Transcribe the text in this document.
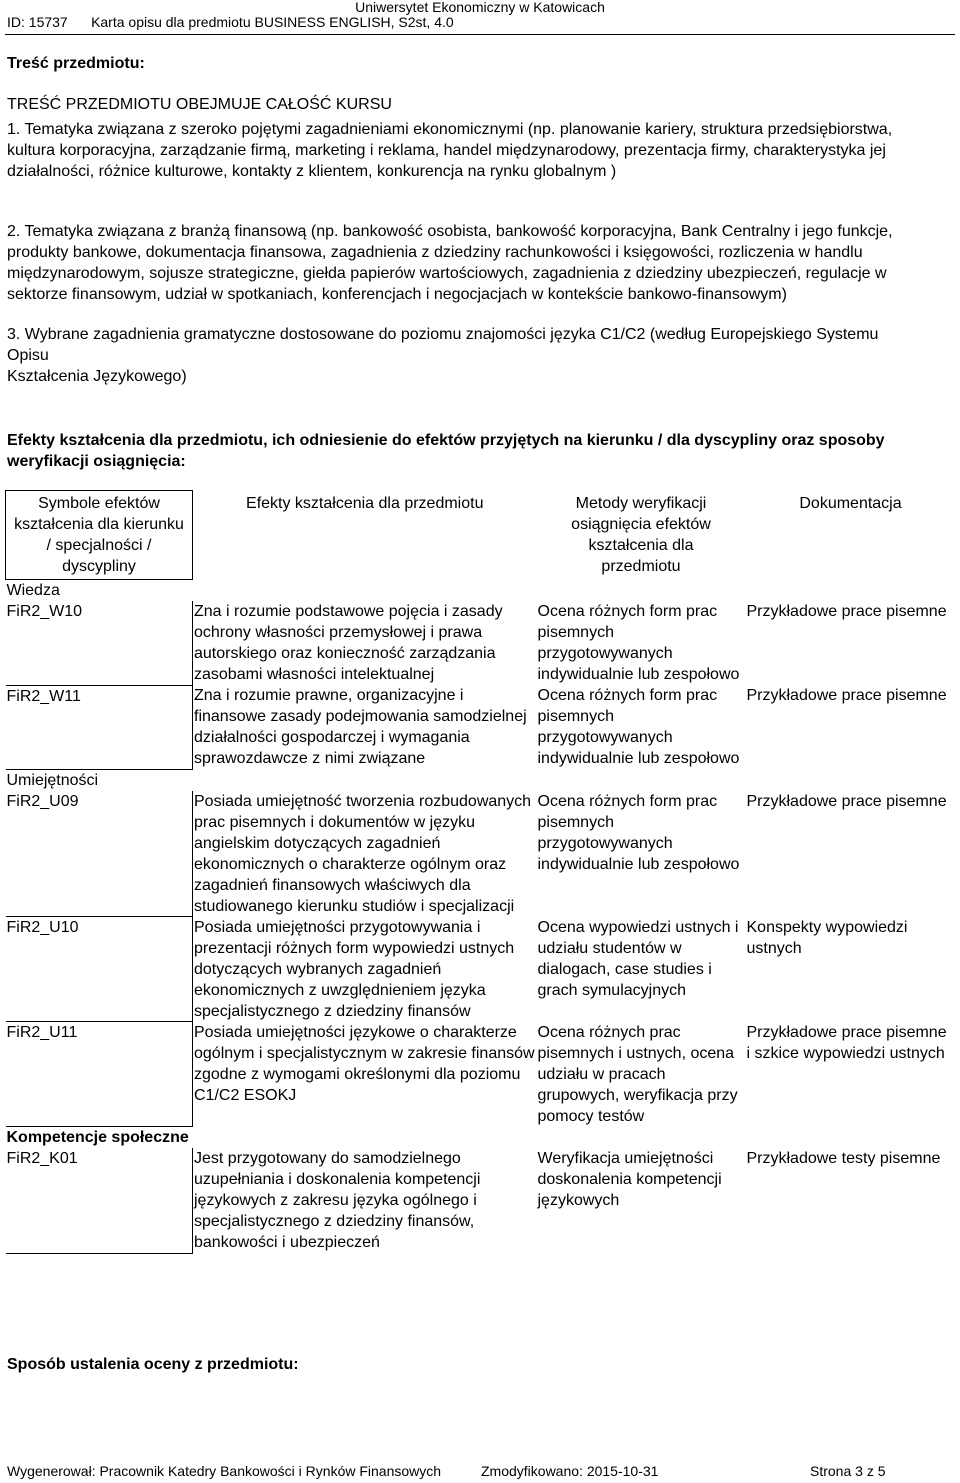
Uniwersytet Ekonomiczny w Katowicach
ID: 15737 Karta opisu dla predmiotu BUSINESS ENGLISH, S2st, 4.0
Treść przedmiotu:
TREŚĆ PRZEDMIOTU OBEJMUJE CAŁOŚĆ KURSU
1. Tematyka związana z szeroko pojętymi zagadnieniami ekonomicznymi (np. planowanie kariery, struktura przedsiębiorstwa,
kultura korporacyjna, zarządzanie firmą, marketing i reklama, handel międzynarodowy, prezentacja firmy, charakterystyka jej
działalności, różnice kulturowe, kontakty z klientem, konkurencja na rynku globalnym )
2. Tematyka związana z branżą finansową (np. bankowość osobista, bankowość korporacyjna, Bank Centralny i jego funkcje,
produkty bankowe, dokumentacja finansowa, zagadnienia z dziedziny rachunkowości i księgowości, rozliczenia w handlu
międzynarodowym, sojusze strategiczne, giełda papierów wartościowych, zagadnienia z dziedziny ubezpieczeń, regulacje w
sektorze finansowym, udział w spotkaniach, konferencjach i negocjacjach w kontekście bankowo-finansowym)
3. Wybrane zagadnienia gramatyczne dostosowane do poziomu znajomości języka C1/C2 (według Europejskiego Systemu
Opisu
Kształcenia Językowego)
Efekty kształcenia dla przedmiotu, ich odniesienie do efektów przyjętych na kierunku / dla dyscypliny oraz sposoby
weryfikacji osiągnięcia:
Symbole efektów kształcenia dla kierunku / specjalności / dyscypliny	Efekty kształcenia dla przedmiotu	Metody weryfikacji osiągnięcia efektów kształcenia dla przedmiotu	Dokumentacja
Wiedza			
FiR2_W10	Zna i rozumie podstawowe pojęcia i zasady ochrony własności przemysłowej i prawa autorskiego oraz konieczność zarządzania zasobami własności intelektualnej	Ocena różnych form prac pisemnych przygotowywanych indywidualnie lub zespołowo	Przykładowe prace pisemne
FiR2_W11	Zna i rozumie prawne, organizacyjne i finansowe zasady podejmowania samodzielnej działalności gospodarczej i wymagania sprawozdawcze z nimi związane	Ocena różnych form prac pisemnych przygotowywanych indywidualnie lub zespołowo	Przykładowe prace pisemne
Umiejętności			
FiR2_U09	Posiada umiejętność tworzenia rozbudowanych prac pisemnych i dokumentów w języku angielskim dotyczących zagadnień ekonomicznych o charakterze ogólnym oraz zagadnień finansowych właściwych dla studiowanego kierunku studiów i specjalizacji	Ocena różnych form prac pisemnych przygotowywanych indywidualnie lub zespołowo	Przykładowe prace pisemne
FiR2_U10	Posiada umiejętności przygotowywania i prezentacji różnych form wypowiedzi ustnych dotyczących wybranych zagadnień ekonomicznych z uwzględnieniem języka specjalistycznego z dziedziny finansów	Ocena wypowiedzi ustnych i udziału studentów w dialogach, case studies i grach symulacyjnych	Konspekty wypowiedzi ustnych
FiR2_U11	Posiada umiejętności językowe o charakterze ogólnym i specjalistycznym w zakresie finansów zgodne z wymogami określonymi dla poziomu C1/C2 ESOKJ	Ocena różnych prac pisemnych i ustnych, ocena udziału w pracach grupowych, weryfikacja przy pomocy testów	Przykładowe prace pisemne i szkice wypowiedzi ustnych
Kompetencje społeczne			
FiR2_K01	Jest przygotowany do samodzielnego uzupełniania i doskonalenia kompetencji językowych z zakresu języka ogólnego i specjalistycznego z dziedziny finansów, bankowości i ubezpieczeń	Weryfikacja umiejętności doskonalenia kompetencji językowych	Przykładowe testy pisemne
Sposób ustalenia oceny z przedmiotu:
Wygenerował: Pracownik Katedry Bankowości i Rynków Finansowych	Zmodyfikowano: 2015-10-31	Strona 3 z 5
